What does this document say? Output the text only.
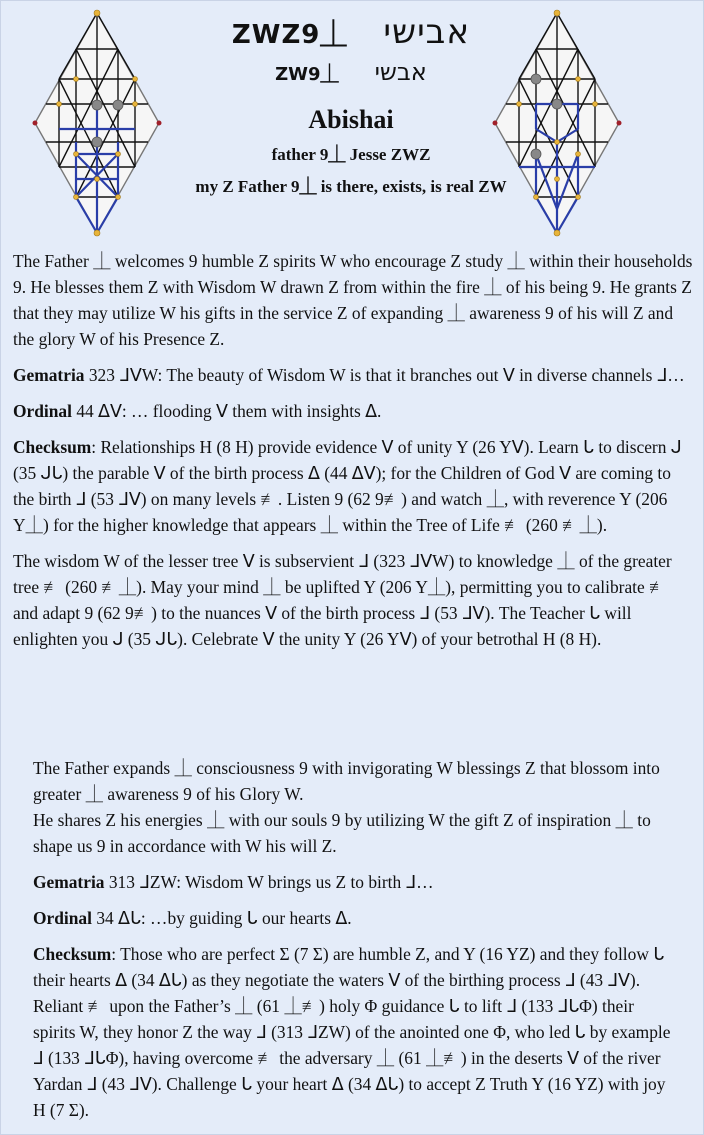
ZWZ9⏊ אבישי
ZW9⏊ אבשי
Abishai
father 9⏊ Jesse ZWZ
my Z Father 9⏊ is there, exists, is real ZW

The Father ⏊ welcomes 9 humble Z spirits W who encourage Z study ⏊ within their households 9. He blesses them Z with Wisdom W drawn Z from within the fire ⏊ of his being 9. He grants Z that they may utilize W his gifts in the service Z of expanding ⏊ awareness 9 of his will Z and the glory W of his Presence Z.

Gematria 323 ᒧᐯW: The beauty of Wisdom W is that it branches out ᐯ in diverse channels ᒧ…

Ordinal 44 ᐃᐯ: … flooding ᐯ them with insights ᐃ.

Checksum: Relationships H (8 H) provide evidence ᐯ of unity Y (26 Yᐯ). Learn ᒐ to discern ᒍ (35 ᒍᒐ) the parable ᐯ of the birth process ᐃ (44 ᐃᐯ); for the Children of God ᐯ are coming to the birth ᒧ (53 ᒧᐯ) on many levels ≢. Listen 9 (62 9≢) and watch ⏊, with reverence Y (206 Y⏊) for the higher knowledge that appears ⏊ within the Tree of Life ≢ (260 ≢⏊).

The wisdom W of the lesser tree ᐯ is subservient ᒧ (323 ᒧᐯW) to knowledge ⏊ of the greater tree ≢ (260 ≢⏊). May your mind ⏊ be uplifted Y (206 Y⏊), permitting you to calibrate ≢ and adapt 9 (62 9≢) to the nuances ᐯ of the birth process ᒧ (53 ᒧᐯ). The Teacher ᒐ will enlighten you ᒍ (35 ᒍᒐ). Celebrate ᐯ the unity Y (26 Yᐯ) of your betrothal H (8 H).

The Father expands ⏊ consciousness 9 with invigorating W blessings Z that blossom into greater ⏊ awareness 9 of his Glory W.
He shares Z his energies ⏊ with our souls 9 by utilizing W the gift Z of inspiration ⏊ to shape us 9 in accordance with W his will Z.

Gematria 313 ᒧZW: Wisdom W brings us Z to birth ᒧ…

Ordinal 34 ᐃᒐ: …by guiding ᒐ our hearts ᐃ.

Checksum: Those who are perfect Σ (7 Σ) are humble Z, and Y (16 YZ) and they follow ᒐ their hearts ᐃ (34 ᐃᒐ) as they negotiate the waters ᐯ of the birthing process ᒧ (43 ᒧᐯ). Reliant ≢ upon the Father’s ⏊ (61 ⏊≢) holy Φ guidance ᒐ to lift ᒧ (133 ᒧᒐΦ) their spirits W, they honor Z the way ᒧ (313 ᒧZW) of the anointed one Φ, who led ᒐ by example ᒧ (133 ᒧᒐΦ), having overcome ≢ the adversary ⏊ (61 ⏊≢) in the deserts ᐯ of the river Yardan ᒧ (43 ᒧᐯ). Challenge ᒐ your heart ᐃ (34 ᐃᒐ) to accept Z Truth Y (16 YZ) with joy H (7 Σ).
